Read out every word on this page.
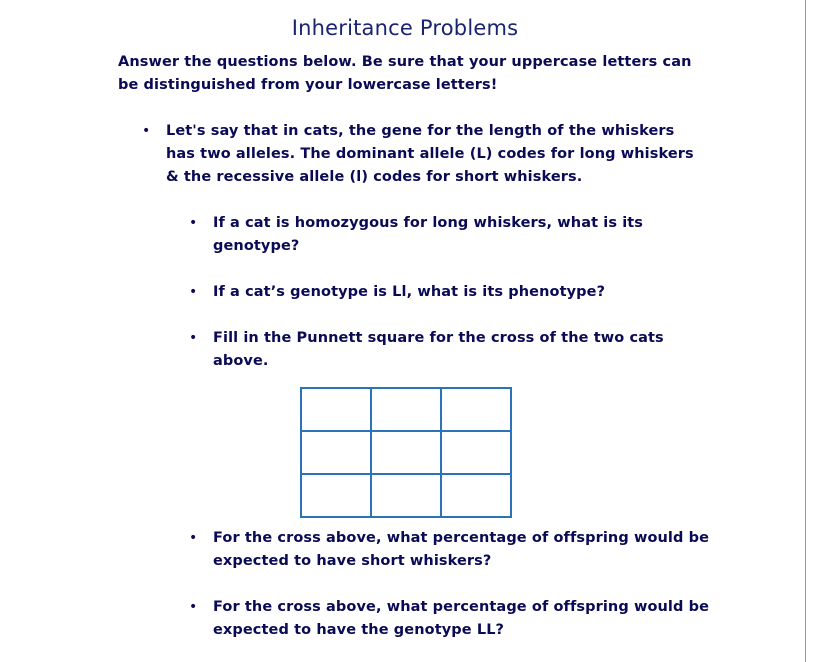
Inheritance Problems
Answer the questions below. Be sure that your uppercase letters can be distinguished from your lowercase letters!
• Let's say that in cats, the gene for the length of the whiskers has two alleles. The dominant allele (L) codes for long whiskers & the recessive allele (l) codes for short whiskers.
• If a cat is homozygous for long whiskers, what is its genotype?
• If a cat’s genotype is Ll, what is its phenotype?
• Fill in the Punnett square for the cross of the two cats above.
• For the cross above, what percentage of offspring would be expected to have short whiskers?
• For the cross above, what percentage of offspring would be expected to have the genotype LL?
